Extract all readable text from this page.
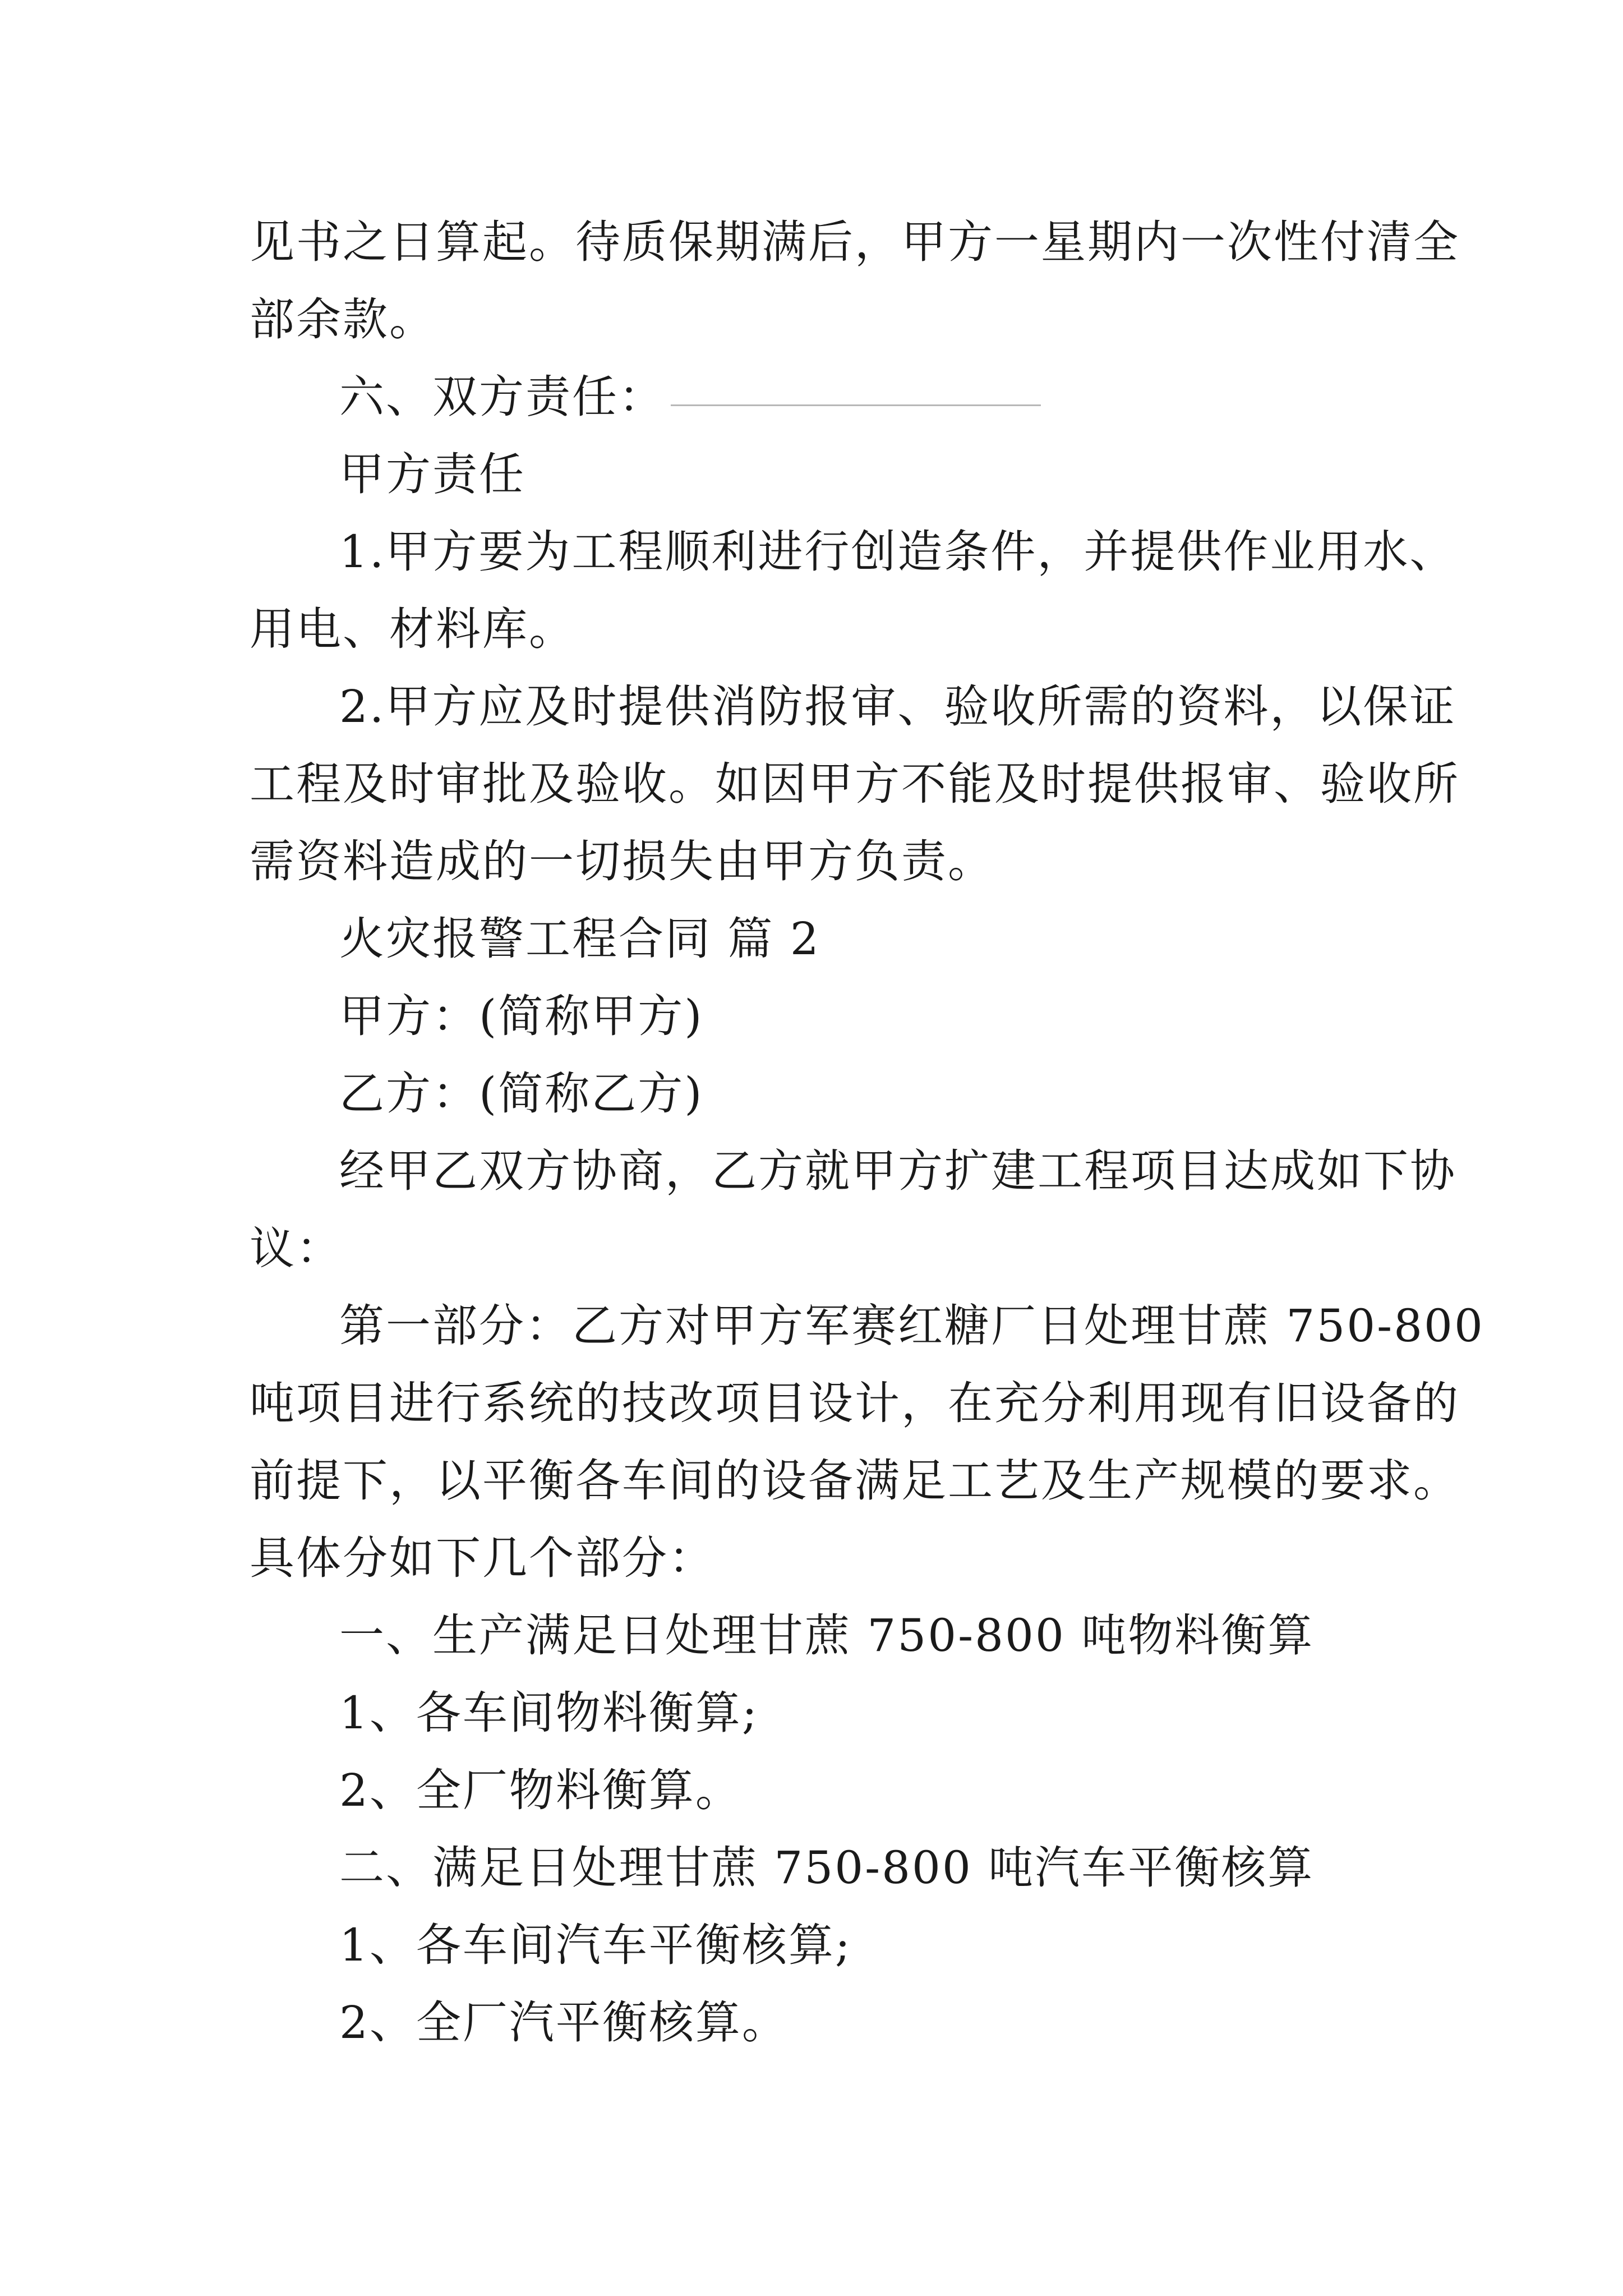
见书之日算起。待质保期满后，甲方一星期内一次性付清全
部余款。
六、双方责任：
甲方责任
1.甲方要为工程顺利进行创造条件，并提供作业用水、
用电、材料库。
2.甲方应及时提供消防报审、验收所需的资料，以保证
工程及时审批及验收。如因甲方不能及时提供报审、验收所
需资料造成的一切损失由甲方负责。
火灾报警工程合同 篇 2
甲方：(简称甲方)
乙方：(简称乙方)
经甲乙双方协商，乙方就甲方扩建工程项目达成如下协
议：
第一部分：乙方对甲方军赛红糖厂日处理甘蔗 750-800
吨项目进行系统的技改项目设计，在充分利用现有旧设备的
前提下，以平衡各车间的设备满足工艺及生产规模的要求。
具体分如下几个部分：
一、生产满足日处理甘蔗 750-800 吨物料衡算
1、各车间物料衡算;
2、全厂物料衡算。
二、满足日处理甘蔗 750-800 吨汽车平衡核算
1、各车间汽车平衡核算;
2、全厂汽平衡核算。
